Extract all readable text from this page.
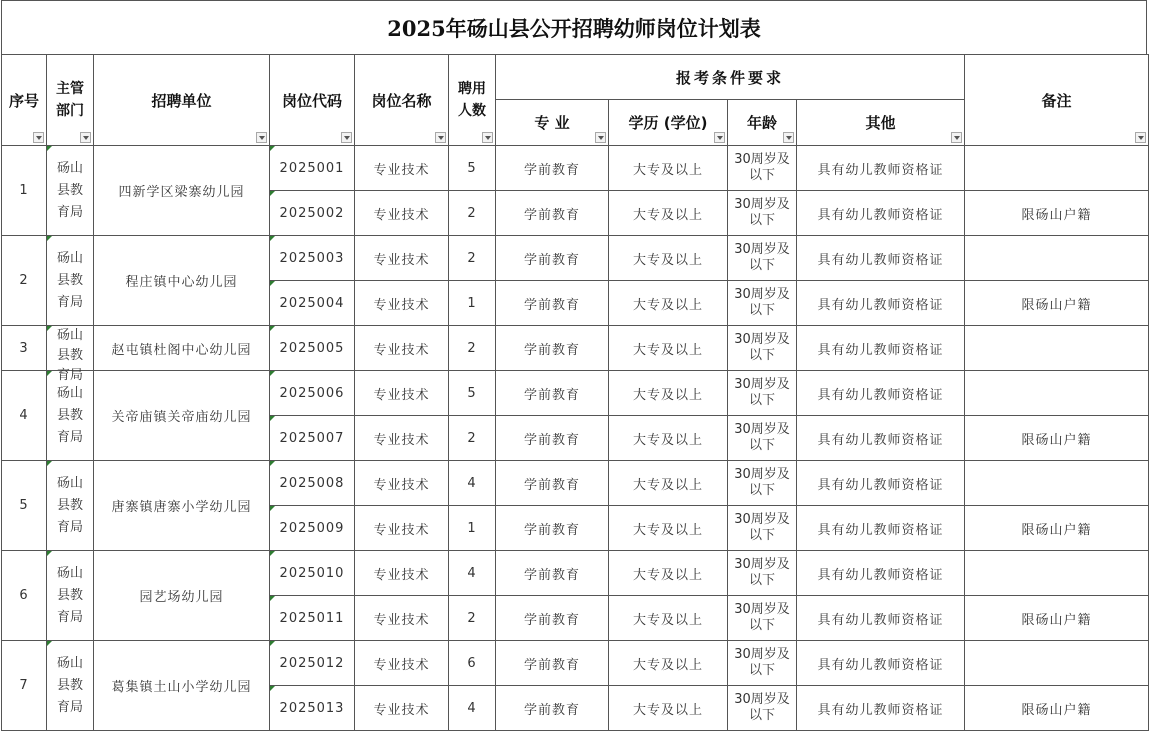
2025年砀山县公开招聘幼师岗位计划表
序号	主管部门	招聘单位	岗位代码	岗位名称	聘用人数	报考条件要求				备注

						专 业	学历 (学位)	年龄	其他	

1	砀山县教育局	四新学区梁寨幼儿园	2025001	专业技术	5	学前教育	大专及以上	30周岁及以下	具有幼儿教师资格证	

2025002	专业技术	2	学前教育	大专及以上	30周岁及以下	具有幼儿教师资格证	限砀山户籍
2	砀山县教育局	程庄镇中心幼儿园	2025003	专业技术	2	学前教育	大专及以上	30周岁及以下	具有幼儿教师资格证	

2025004	专业技术	1	学前教育	大专及以上	30周岁及以下	具有幼儿教师资格证	限砀山户籍
3	砀山县教育局	赵屯镇杜阁中心幼儿园	2025005	专业技术	2	学前教育	大专及以上	30周岁及以下	具有幼儿教师资格证	
4	砀山县教育局	关帝庙镇关帝庙幼儿园	2025006	专业技术	5	学前教育	大专及以上	30周岁及以下	具有幼儿教师资格证	

2025007	专业技术	2	学前教育	大专及以上	30周岁及以下	具有幼儿教师资格证	限砀山户籍
5	砀山县教育局	唐寨镇唐寨小学幼儿园	2025008	专业技术	4	学前教育	大专及以上	30周岁及以下	具有幼儿教师资格证	

2025009	专业技术	1	学前教育	大专及以上	30周岁及以下	具有幼儿教师资格证	限砀山户籍
6	砀山县教育局	园艺场幼儿园	2025010	专业技术	4	学前教育	大专及以上	30周岁及以下	具有幼儿教师资格证	

2025011	专业技术	2	学前教育	大专及以上	30周岁及以下	具有幼儿教师资格证	限砀山户籍
7	砀山县教育局	葛集镇土山小学幼儿园	2025012	专业技术	6	学前教育	大专及以上	30周岁及以下	具有幼儿教师资格证	

2025013	专业技术	4	学前教育	大专及以上	30周岁及以下	具有幼儿教师资格证	限砀山户籍
